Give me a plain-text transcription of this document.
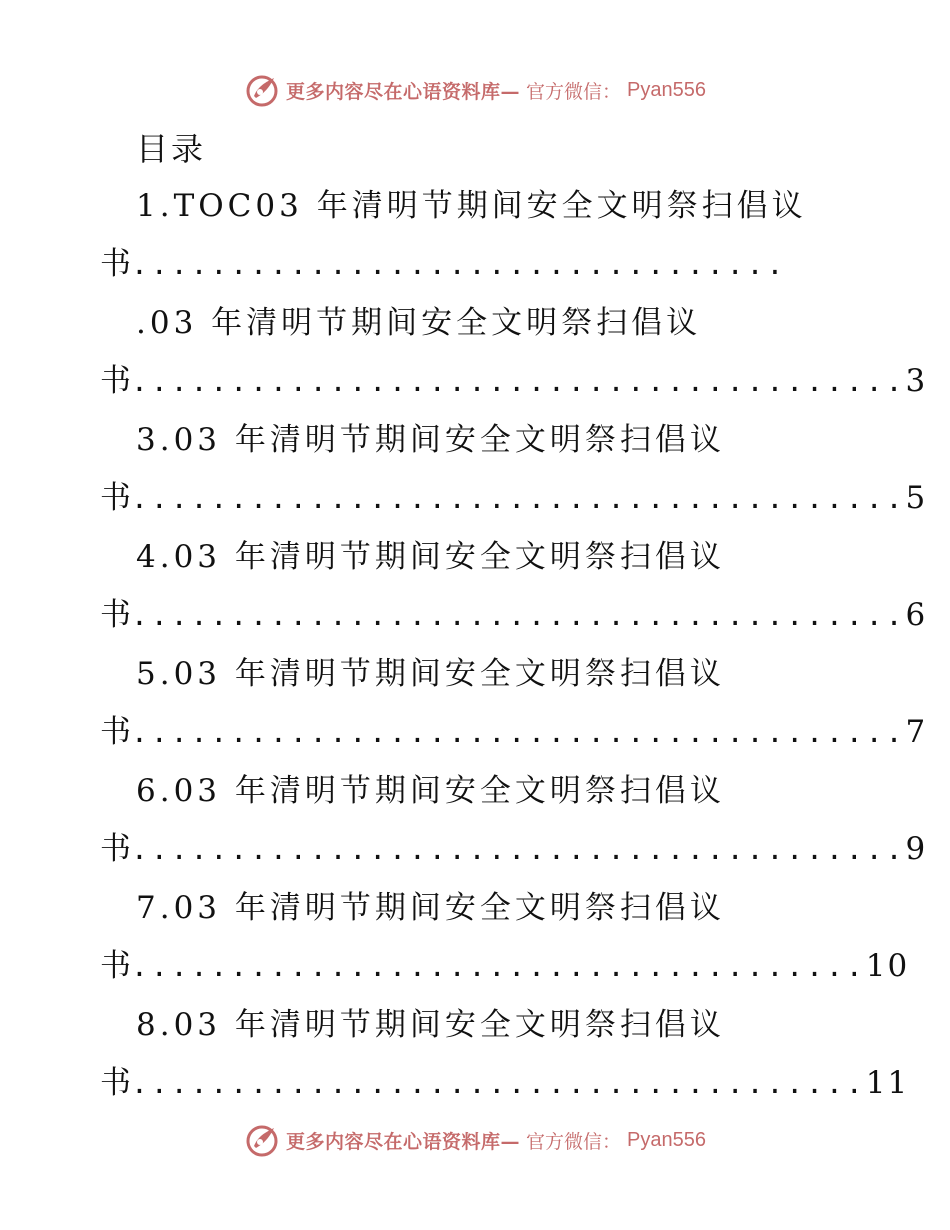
更多内容尽在心语资料库— 官方微信： Pyan556
目录
1.TOC03 年清明节期间安全文明祭扫倡议
书 .................................
.03 年清明节期间安全文明祭扫倡议
书 ....................................... 3
3.03 年清明节期间安全文明祭扫倡议
书 ....................................... 5
4.03 年清明节期间安全文明祭扫倡议
书 ....................................... 6
5.03 年清明节期间安全文明祭扫倡议
书 ....................................... 7
6.03 年清明节期间安全文明祭扫倡议
书 ....................................... 9
7.03 年清明节期间安全文明祭扫倡议
书 ..................................... 10
8.03 年清明节期间安全文明祭扫倡议
书 ..................................... 11
更多内容尽在心语资料库— 官方微信： Pyan556
